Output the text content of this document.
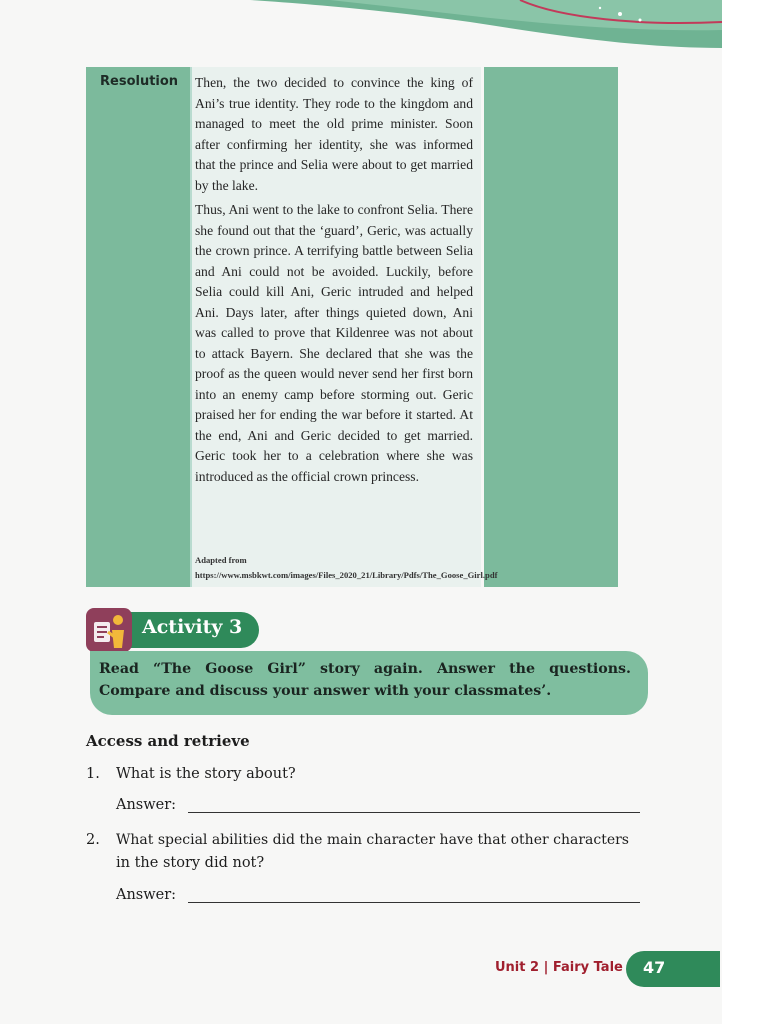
Resolution Then, the two decided to convince the king of Ani’s true identity. They rode to the kingdom and managed to meet the old prime minister. Soon after confirming her identity, she was informed that the prince and Selia were about to get married by the lake.

Thus, Ani went to the lake to confront Selia. There she found out that the ‘guard’, Geric, was actually the crown prince. A terrifying battle between Selia and Ani could not be avoided. Luckily, before Selia could kill Ani, Geric intruded and helped Ani. Days later, after things quieted down, Ani was called to prove that Kildenree was not about to attack Bayern. She declared that she was the proof as the queen would never send her first born into an enemy camp before storming out. Geric praised her for ending the war before it started. At the end, Ani and Geric decided to get married. Geric took her to a celebration where she was introduced as the official crown princess.

Adapted from https://www.msbkwt.com/images/Files_2020_21/Library/Pdfs/The_Goose_Girl.pdf
Activity 3
Read “The Goose Girl” story again. Answer the questions. Compare and discuss your answer with your classmates’.
Access and retrieve
1. What is the story about?
Answer:
2. What special abilities did the main character have that other characters
in the story did not?
Answer:
Unit 2 | Fairy Tale 47
